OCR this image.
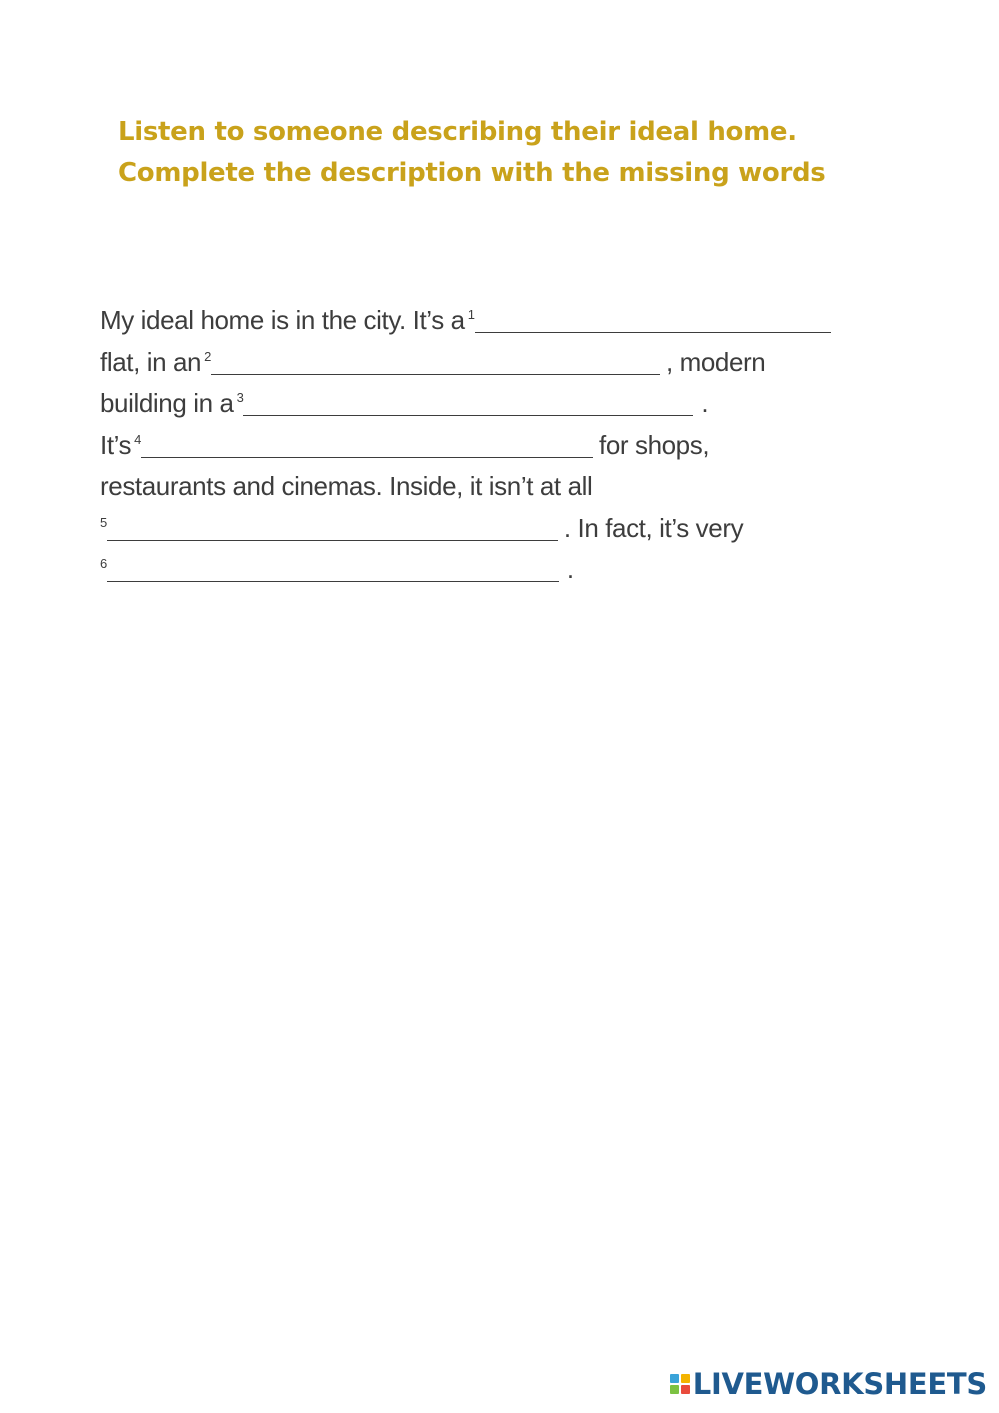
Listen to someone describing their ideal home.
Complete the description with the missing words
My ideal home is in the city. It’s a 1
flat, in an 2	, modern
building in a 3	.
It’s 4	for shops,
restaurants and cinemas. Inside, it isn’t at all
5	. In fact, it’s very
6	.
LIVEWORKSHEETS
